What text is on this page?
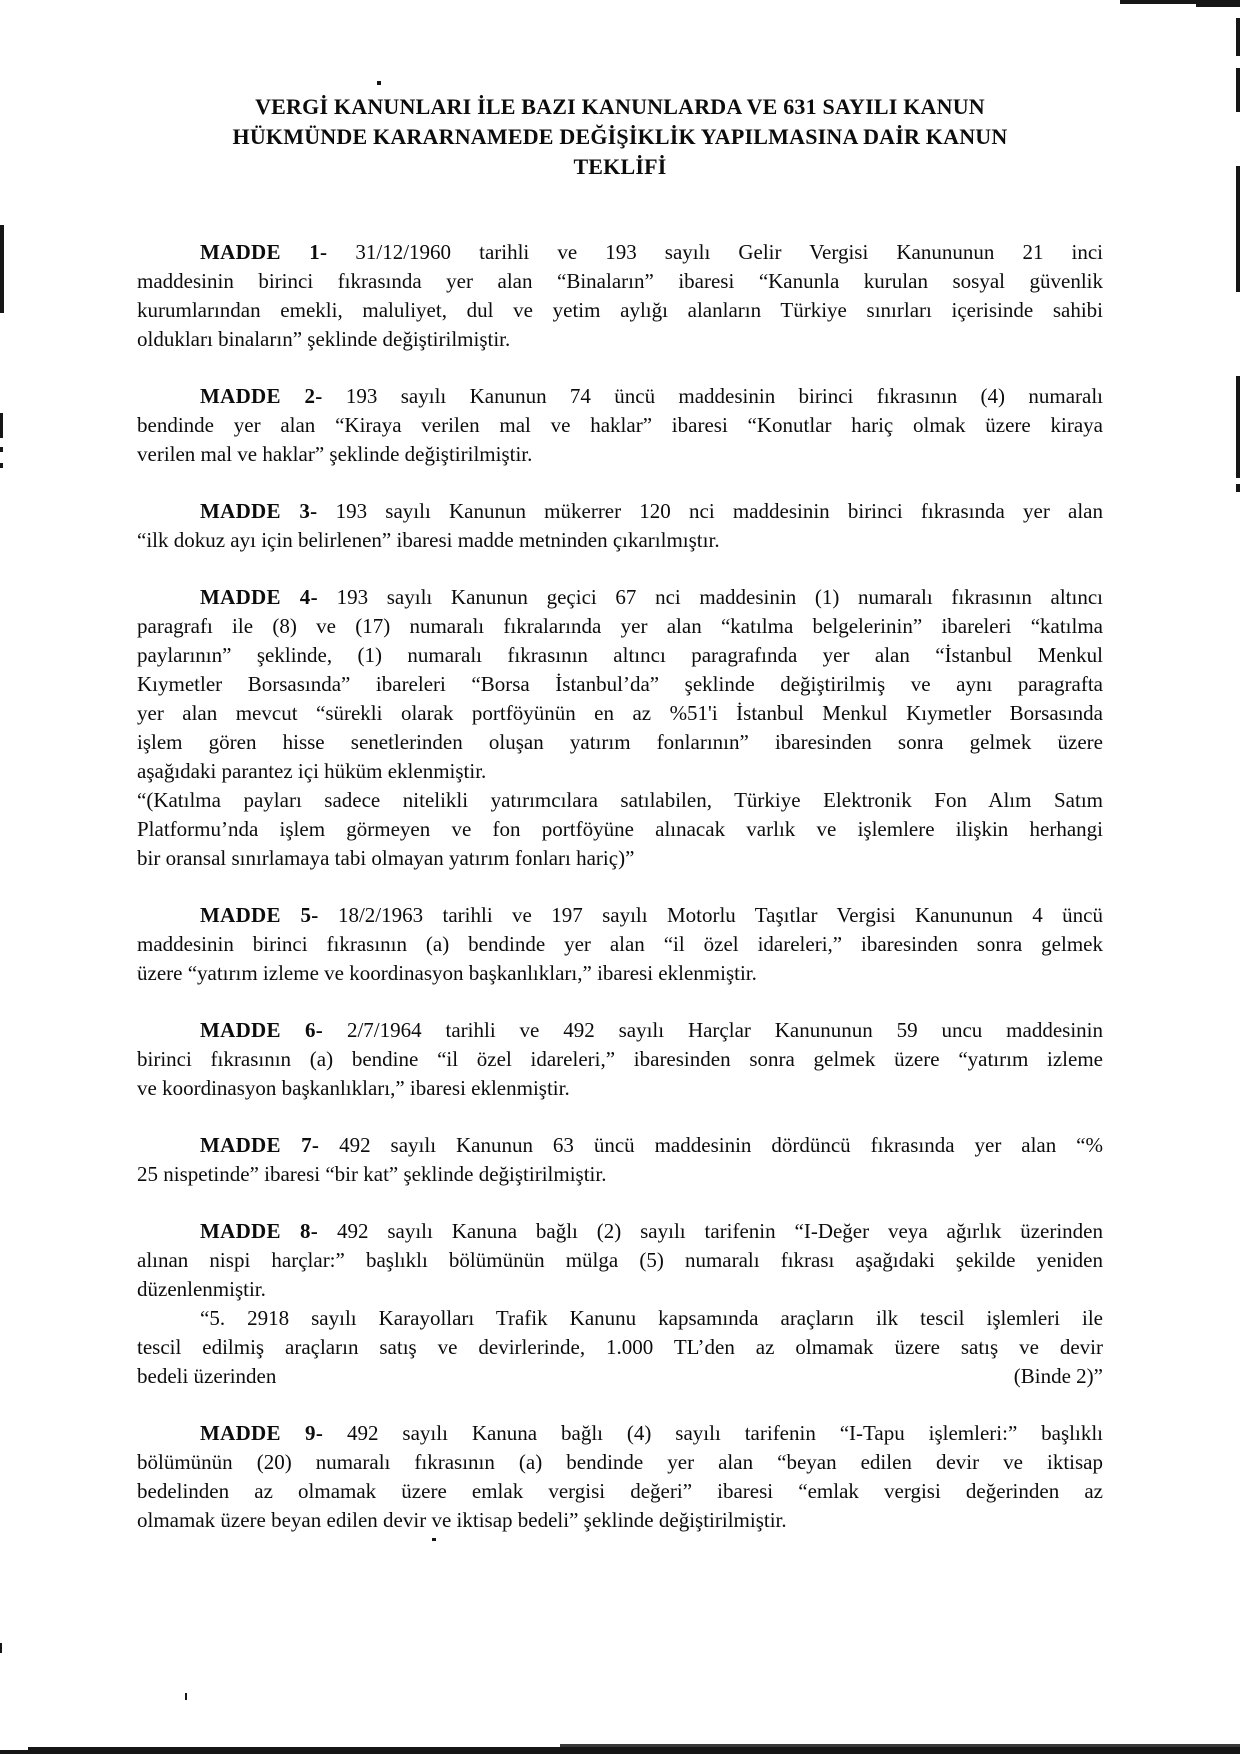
VERGİ KANUNLARI İLE BAZI KANUNLARDA VE 631 SAYILI KANUN
HÜKMÜNDE KARARNAMEDE DEĞİŞİKLİK YAPILMASINA DAİR KANUN
TEKLİFİ
MADDE 1- 31/12/1960 tarihli ve 193 sayılı Gelir Vergisi Kanununun 21 inci
maddesinin birinci fıkrasında yer alan “Binaların” ibaresi “Kanunla kurulan sosyal güvenlik
kurumlarından emekli, maluliyet, dul ve yetim aylığı alanların Türkiye sınırları içerisinde sahibi
oldukları binaların” şeklinde değiştirilmiştir.
MADDE 2- 193 sayılı Kanunun 74 üncü maddesinin birinci fıkrasının (4) numaralı
bendinde yer alan “Kiraya verilen mal ve haklar” ibaresi “Konutlar hariç olmak üzere kiraya
verilen mal ve haklar” şeklinde değiştirilmiştir.
MADDE 3- 193 sayılı Kanunun mükerrer 120 nci maddesinin birinci fıkrasında yer alan
“ilk dokuz ayı için belirlenen” ibaresi madde metninden çıkarılmıştır.
MADDE 4- 193 sayılı Kanunun geçici 67 nci maddesinin (1) numaralı fıkrasının altıncı
paragrafı ile (8) ve (17) numaralı fıkralarında yer alan “katılma belgelerinin” ibareleri “katılma
paylarının” şeklinde, (1) numaralı fıkrasının altıncı paragrafında yer alan “İstanbul Menkul
Kıymetler Borsasında” ibareleri “Borsa İstanbul’da” şeklinde değiştirilmiş ve aynı paragrafta
yer alan mevcut “sürekli olarak portföyünün en az %51'i İstanbul Menkul Kıymetler Borsasında
işlem gören hisse senetlerinden oluşan yatırım fonlarının” ibaresinden sonra gelmek üzere
aşağıdaki parantez içi hüküm eklenmiştir.
“(Katılma payları sadece nitelikli yatırımcılara satılabilen, Türkiye Elektronik Fon Alım Satım
Platformu’nda işlem görmeyen ve fon portföyüne alınacak varlık ve işlemlere ilişkin herhangi
bir oransal sınırlamaya tabi olmayan yatırım fonları hariç)”
MADDE 5- 18/2/1963 tarihli ve 197 sayılı Motorlu Taşıtlar Vergisi Kanununun 4 üncü
maddesinin birinci fıkrasının (a) bendinde yer alan “il özel idareleri,” ibaresinden sonra gelmek
üzere “yatırım izleme ve koordinasyon başkanlıkları,” ibaresi eklenmiştir.
MADDE 6- 2/7/1964 tarihli ve 492 sayılı Harçlar Kanununun 59 uncu maddesinin
birinci fıkrasının (a) bendine “il özel idareleri,” ibaresinden sonra gelmek üzere “yatırım izleme
ve koordinasyon başkanlıkları,” ibaresi eklenmiştir.
MADDE 7- 492 sayılı Kanunun 63 üncü maddesinin dördüncü fıkrasında yer alan “%
25 nispetinde” ibaresi “bir kat” şeklinde değiştirilmiştir.
MADDE 8- 492 sayılı Kanuna bağlı (2) sayılı tarifenin “I-Değer veya ağırlık üzerinden
alınan nispi harçlar:” başlıklı bölümünün mülga (5) numaralı fıkrası aşağıdaki şekilde yeniden
düzenlenmiştir.
“5. 2918 sayılı Karayolları Trafik Kanunu kapsamında araçların ilk tescil işlemleri ile
tescil edilmiş araçların satış ve devirlerinde, 1.000 TL’den az olmamak üzere satış ve devir
bedeli üzerinden	(Binde 2)”
MADDE 9- 492 sayılı Kanuna bağlı (4) sayılı tarifenin “I-Tapu işlemleri:” başlıklı
bölümünün (20) numaralı fıkrasının (a) bendinde yer alan “beyan edilen devir ve iktisap
bedelinden az olmamak üzere emlak vergisi değeri” ibaresi “emlak vergisi değerinden az
olmamak üzere beyan edilen devir ve iktisap bedeli” şeklinde değiştirilmiştir.
